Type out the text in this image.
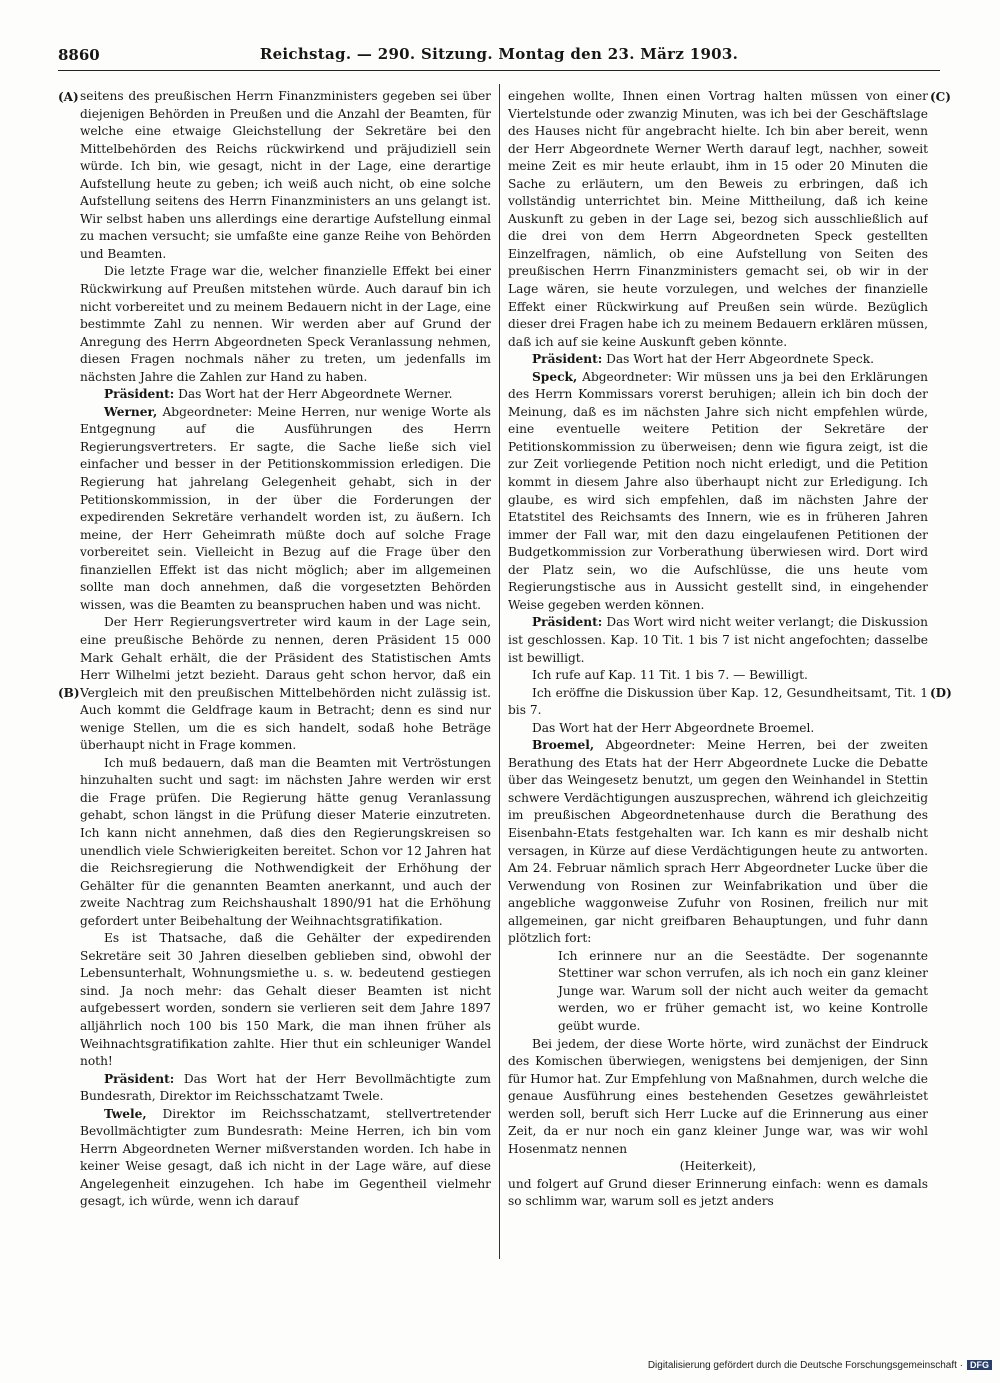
8860	Reichstag. — 290. Sitzung. Montag den 23. März 1903.
(A)
(B)
(C)
(D)

seitens des preußischen Herrn Finanzministers gegeben sei über diejenigen Behörden in Preußen und die Anzahl der Beamten, für welche eine etwaige Gleichstellung der Sekretäre bei den Mittelbehörden des Reichs rückwirkend und präjudiziell sein würde. Ich bin, wie gesagt, nicht in der Lage, eine derartige Aufstellung heute zu geben; ich weiß auch nicht, ob eine solche Aufstellung seitens des Herrn Finanzministers an uns gelangt ist. Wir selbst haben uns allerdings eine derartige Aufstellung einmal zu machen versucht; sie umfaßte eine ganze Reihe von Behörden und Beamten.

Die letzte Frage war die, welcher finanzielle Effekt bei einer Rückwirkung auf Preußen mitstehen würde. Auch darauf bin ich nicht vorbereitet und zu meinem Bedauern nicht in der Lage, eine bestimmte Zahl zu nennen. Wir werden aber auf Grund der Anregung des Herrn Abgeordneten Speck Veranlassung nehmen, diesen Fragen nochmals näher zu treten, um jedenfalls im nächsten Jahre die Zahlen zur Hand zu haben.

Präsident: Das Wort hat der Herr Abgeordnete Werner.

Werner, Abgeordneter: Meine Herren, nur wenige Worte als Entgegnung auf die Ausführungen des Herrn Regierungsvertreters. Er sagte, die Sache ließe sich viel einfacher und besser in der Petitionskommission erledigen. Die Regierung hat jahrelang Gelegenheit gehabt, sich in der Petitionskommission, in der über die Forderungen der expedirenden Sekretäre verhandelt worden ist, zu äußern. Ich meine, der Herr Geheimrath müßte doch auf solche Frage vorbereitet sein. Vielleicht in Bezug auf die Frage über den finanziellen Effekt ist das nicht möglich; aber im allgemeinen sollte man doch annehmen, daß die vorgesetzten Behörden wissen, was die Beamten zu beanspruchen haben und was nicht.

Der Herr Regierungsvertreter wird kaum in der Lage sein, eine preußische Behörde zu nennen, deren Präsident 15 000 Mark Gehalt erhält, die der Präsident des Statistischen Amts Herr Wilhelmi jetzt bezieht. Daraus geht schon hervor, daß ein Vergleich mit den preußischen Mittelbehörden nicht zulässig ist. Auch kommt die Geldfrage kaum in Betracht; denn es sind nur wenige Stellen, um die es sich handelt, sodaß hohe Beträge überhaupt nicht in Frage kommen.

Ich muß bedauern, daß man die Beamten mit Vertröstungen hinzuhalten sucht und sagt: im nächsten Jahre werden wir erst die Frage prüfen. Die Regierung hätte genug Veranlassung gehabt, schon längst in die Prüfung dieser Materie einzutreten. Ich kann nicht annehmen, daß dies den Regierungskreisen so unendlich viele Schwierigkeiten bereitet. Schon vor 12 Jahren hat die Reichsregierung die Nothwendigkeit der Erhöhung der Gehälter für die genannten Beamten anerkannt, und auch der zweite Nachtrag zum Reichshaushalt 1890/91 hat die Erhöhung gefordert unter Beibehaltung der Weihnachtsgratifikation.

Es ist Thatsache, daß die Gehälter der expedirenden Sekretäre seit 30 Jahren dieselben geblieben sind, obwohl der Lebensunterhalt, Wohnungsmiethe u. s. w. bedeutend gestiegen sind. Ja noch mehr: das Gehalt dieser Beamten ist nicht aufgebessert worden, sondern sie verlieren seit dem Jahre 1897 alljährlich noch 100 bis 150 Mark, die man ihnen früher als Weihnachtsgratifikation zahlte. Hier thut ein schleuniger Wandel noth!

Präsident: Das Wort hat der Herr Bevollmächtigte zum Bundesrath, Direktor im Reichsschatzamt Twele.

Twele, Direktor im Reichsschatzamt, stellvertretender Bevollmächtigter zum Bundesrath: Meine Herren, ich bin vom Herrn Abgeordneten Werner mißverstanden worden. Ich habe in keiner Weise gesagt, daß ich nicht in der Lage wäre, auf diese Angelegenheit einzugehen. Ich habe im Gegentheil vielmehr gesagt, ich würde, wenn ich darauf

eingehen wollte, Ihnen einen Vortrag halten müssen von einer Viertelstunde oder zwanzig Minuten, was ich bei der Geschäftslage des Hauses nicht für angebracht hielte. Ich bin aber bereit, wenn der Herr Abgeordnete Werner Werth darauf legt, nachher, soweit meine Zeit es mir heute erlaubt, ihm in 15 oder 20 Minuten die Sache zu erläutern, um den Beweis zu erbringen, daß ich vollständig unterrichtet bin. Meine Mittheilung, daß ich keine Auskunft zu geben in der Lage sei, bezog sich ausschließlich auf die drei von dem Herrn Abgeordneten Speck gestellten Einzelfragen, nämlich, ob eine Aufstellung von Seiten des preußischen Herrn Finanzministers gemacht sei, ob wir in der Lage wären, sie heute vorzulegen, und welches der finanzielle Effekt einer Rückwirkung auf Preußen sein würde. Bezüglich dieser drei Fragen habe ich zu meinem Bedauern erklären müssen, daß ich auf sie keine Auskunft geben könnte.

Präsident: Das Wort hat der Herr Abgeordnete Speck.

Speck, Abgeordneter: Wir müssen uns ja bei den Erklärungen des Herrn Kommissars vorerst beruhigen; allein ich bin doch der Meinung, daß es im nächsten Jahre sich nicht empfehlen würde, eine eventuelle weitere Petition der Sekretäre der Petitionskommission zu überweisen; denn wie figura zeigt, ist die zur Zeit vorliegende Petition noch nicht erledigt, und die Petition kommt in diesem Jahre also überhaupt nicht zur Erledigung. Ich glaube, es wird sich empfehlen, daß im nächsten Jahre der Etatstitel des Reichsamts des Innern, wie es in früheren Jahren immer der Fall war, mit den dazu eingelaufenen Petitionen der Budgetkommission zur Vorberathung überwiesen wird. Dort wird der Platz sein, wo die Aufschlüsse, die uns heute vom Regierungstische aus in Aussicht gestellt sind, in eingehender Weise gegeben werden können.

Präsident: Das Wort wird nicht weiter verlangt; die Diskussion ist geschlossen. Kap. 10 Tit. 1 bis 7 ist nicht angefochten; dasselbe ist bewilligt.

Ich rufe auf Kap. 11 Tit. 1 bis 7. — Bewilligt.

Ich eröffne die Diskussion über Kap. 12, Gesundheitsamt, Tit. 1 bis 7.

Das Wort hat der Herr Abgeordnete Broemel.

Broemel, Abgeordneter: Meine Herren, bei der zweiten Berathung des Etats hat der Herr Abgeordnete Lucke die Debatte über das Weingesetz benutzt, um gegen den Weinhandel in Stettin schwere Verdächtigungen auszusprechen, während ich gleichzeitig im preußischen Abgeordnetenhause durch die Berathung des Eisenbahn-Etats festgehalten war. Ich kann es mir deshalb nicht versagen, in Kürze auf diese Verdächtigungen heute zu antworten. Am 24. Februar nämlich sprach Herr Abgeordneter Lucke über die Verwendung von Rosinen zur Weinfabrikation und über die angebliche waggonweise Zufuhr von Rosinen, freilich nur mit allgemeinen, gar nicht greifbaren Behauptungen, und fuhr dann plötzlich fort:

Ich erinnere nur an die Seestädte. Der sogenannte Stettiner war schon verrufen, als ich noch ein ganz kleiner Junge war. Warum soll der nicht auch weiter da gemacht werden, wo er früher gemacht ist, wo keine Kontrolle geübt wurde.

Bei jedem, der diese Worte hörte, wird zunächst der Eindruck des Komischen überwiegen, wenigstens bei demjenigen, der Sinn für Humor hat. Zur Empfehlung von Maßnahmen, durch welche die genaue Ausführung eines bestehenden Gesetzes gewährleistet werden soll, beruft sich Herr Lucke auf die Erinnerung aus einer Zeit, da er nur noch ein ganz kleiner Junge war, was wir wohl Hosenmatz nennen

(Heiterkeit),

und folgert auf Grund dieser Erinnerung einfach: wenn es damals so schlimm war, warum soll es jetzt anders

Digitalisierung gefördert durch die Deutsche Forschungsgemeinschaft · DFG
